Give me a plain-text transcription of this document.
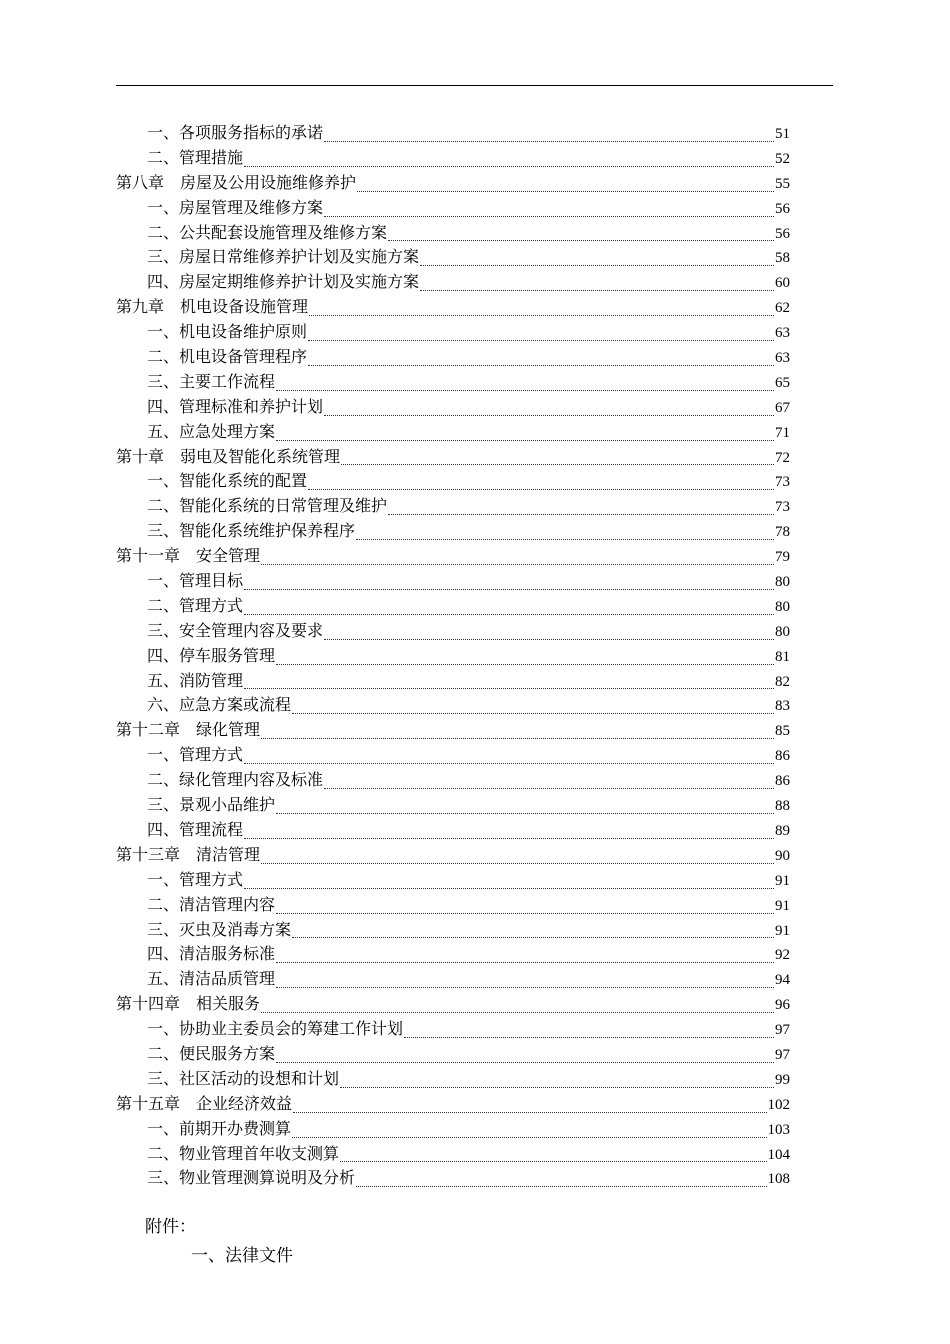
一、各项服务指标的承诺	51
二、管理措施	52
第八章　房屋及公用设施维修养护	55
一、房屋管理及维修方案	56
二、公共配套设施管理及维修方案	56
三、房屋日常维修养护计划及实施方案	58
四、房屋定期维修养护计划及实施方案	60
第九章　机电设备设施管理	62
一、机电设备维护原则	63
二、机电设备管理程序	63
三、主要工作流程	65
四、管理标准和养护计划	67
五、应急处理方案	71
第十章　弱电及智能化系统管理	72
一、智能化系统的配置	73
二、智能化系统的日常管理及维护	73
三、智能化系统维护保养程序	78
第十一章　安全管理	79
一、管理目标	80
二、管理方式	80
三、安全管理内容及要求	80
四、停车服务管理	81
五、消防管理	82
六、应急方案或流程	83
第十二章　绿化管理	85
一、管理方式	86
二、绿化管理内容及标准	86
三、景观小品维护	88
四、管理流程	89
第十三章　清洁管理	90
一、管理方式	91
二、清洁管理内容	91
三、灭虫及消毒方案	91
四、清洁服务标准	92
五、清洁品质管理	94
第十四章　相关服务	96
一、协助业主委员会的筹建工作计划	97
二、便民服务方案	97
三、社区活动的设想和计划	99
第十五章　企业经济效益	102
一、前期开办费测算	103
二、物业管理首年收支测算	104
三、物业管理测算说明及分析	108
附件：
一、法律文件
